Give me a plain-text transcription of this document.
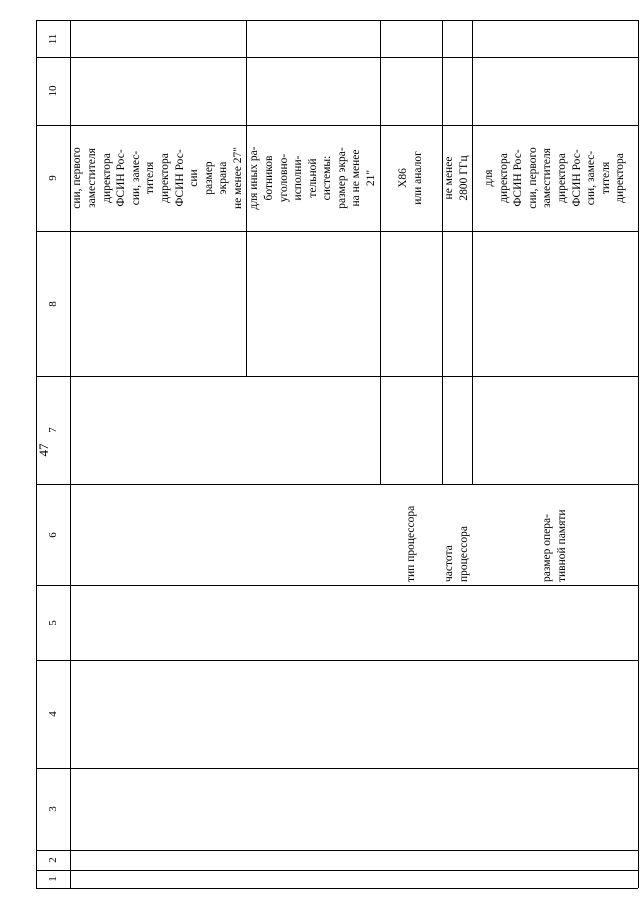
47
11
10
9
8
7
6
5
4
3
2
1
сии, первого заместителя директора ФСИН Рос- сии, замес- тителя директора ФСИН Рос- сии размер экрана не менее 27" для иных ра- ботников уголовно- исполни- тельной системы: размер экра- на не менее 21" X86 или аналог
тип процессора
не менее 2800 ГГц
частота процессора
для директора ФСИН Рос- сии, первого заместителя директора ФСИН Рос- сии, замес- тителя директора
размер опера- тивной памяти
